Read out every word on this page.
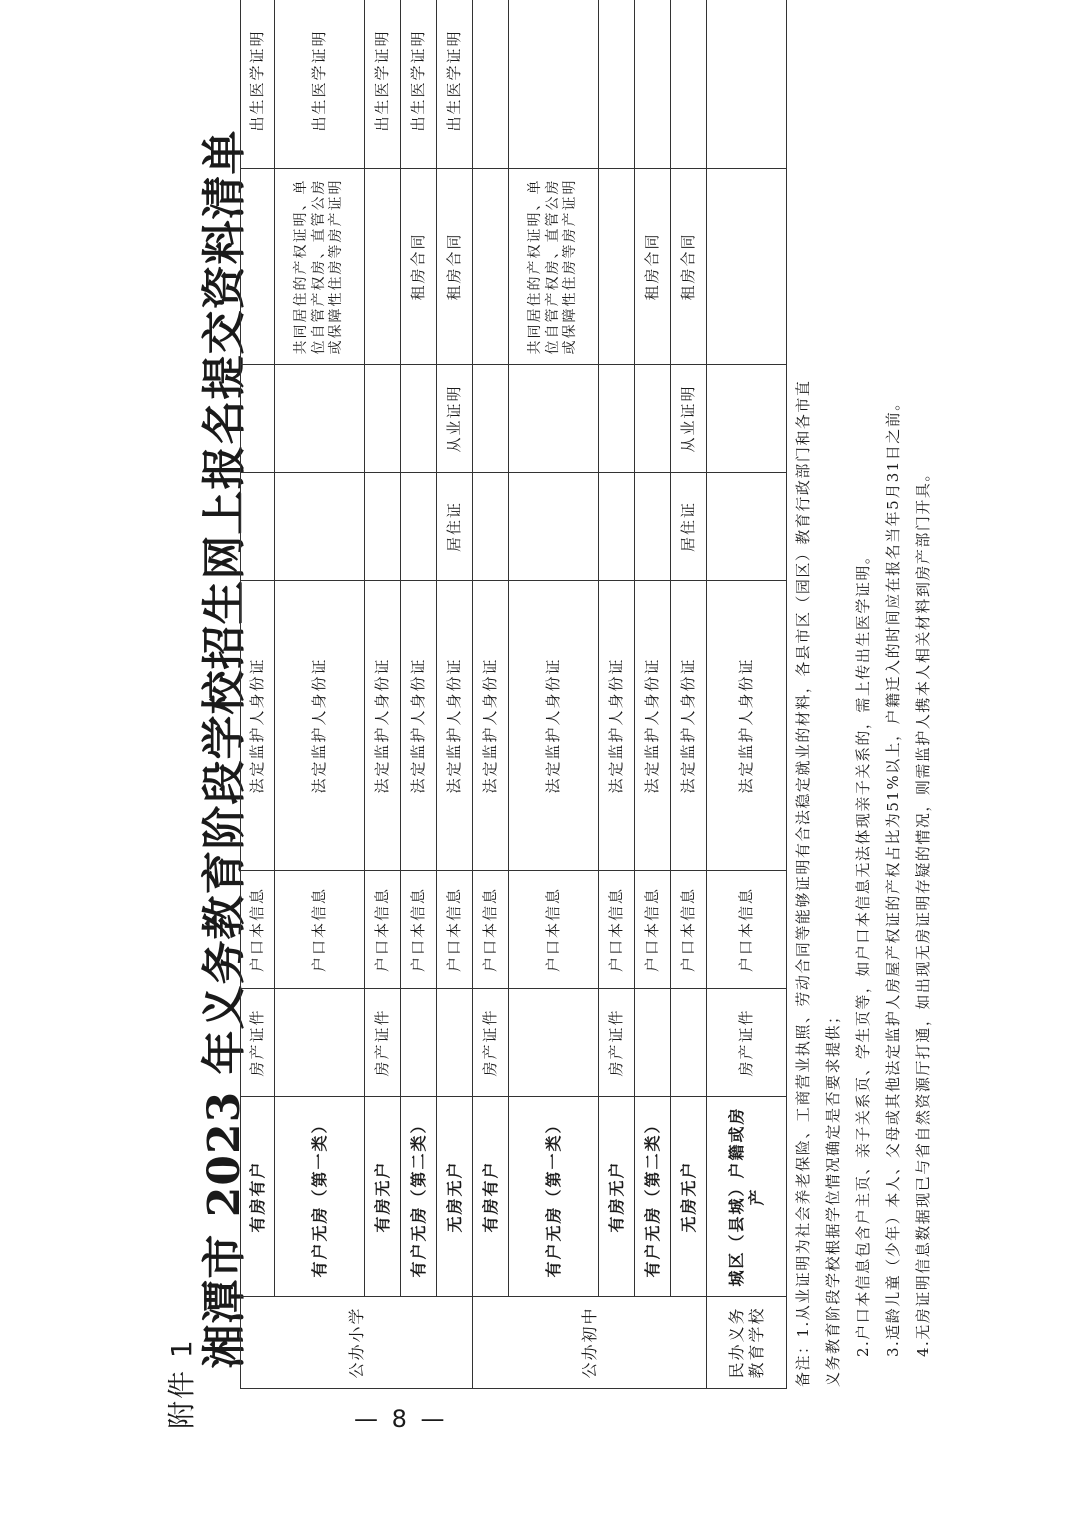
附件 1
湘潭市 2023 年义务教育阶段学校招生网上报名提交资料清单	公办小学	有房有户	房产证件	户口本信息	法定监护人身份证				出生医学证明
	有户无房（第一类）		户口本信息	法定监护人身份证			共同居住的产权证明、单位自管产权房、直管公房或保障性住房等房产证明	出生医学证明
	有房无户	房产证件	户口本信息	法定监护人身份证				出生医学证明
	有户无房（第二类）		户口本信息	法定监护人身份证			租房合同	出生医学证明
	无房无户		户口本信息	法定监护人身份证	居住证	从业证明	租房合同	出生医学证明
公办初中	有房有户	房产证件	户口本信息	法定监护人身份证				
	有户无房（第一类）		户口本信息	法定监护人身份证			共同居住的产权证明、单位自管产权房、直管公房或保障性住房等房产证明	
	有房无户	房产证件	户口本信息	法定监护人身份证				
	有户无房（第二类）		户口本信息	法定监护人身份证			租房合同	
	无房无户		户口本信息	法定监护人身份证	居住证	从业证明	租房合同	
民办义务教育学校	城区（县城）户籍或房产	房产证件	户口本信息	法定监护人身份证					备注：1.从业证明为社会养老保险、工商营业执照、劳动合同等能够证明有合法稳定就业的材料，各县市区（园区）教育行政部门和各市直 义务教育阶段学校根据学位情况确定是否要求提供； 2.户口本信息包含户主页、亲子关系页、学生页等，如户口本信息无法体现亲子关系的，需上传出生医学证明。 3.适龄儿童（少年）本人、父母或其他法定监护人房屋产权证的产权占比为51%以上，户籍迁入的时间应在报名当年5月31日之前。 4.无房证明信息数据现已与省自然资源厅打通，如出现无房证明存疑的情况，则需监护人携本人相关材料到房产部门开具。
— 8 —
